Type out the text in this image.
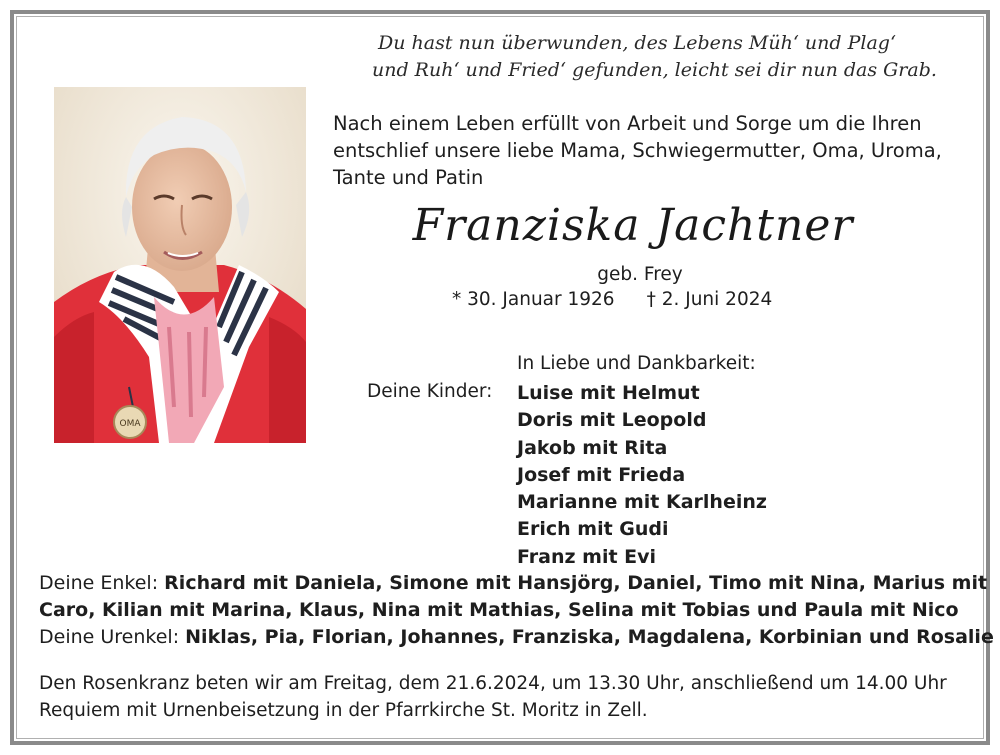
Du hast nun überwunden, des Lebens Müh‘ und Plag‘
und Ruh‘ und Fried‘ gefunden, leicht sei dir nun das Grab.
OMA
Nach einem Leben erfüllt von Arbeit und Sorge um die Ihren
entschlief unsere liebe Mama, Schwiegermutter, Oma, Uroma,
Tante und Patin
Franziska Jachtner
geb. Frey
* 30. Januar 1926 † 2. Juni 2024
In Liebe und Dankbarkeit:
Deine Kinder: Luise mit Helmut
Doris mit Leopold
Jakob mit Rita
Josef mit Frieda
Marianne mit Karlheinz
Erich mit Gudi
Franz mit Evi
Deine Enkel: Richard mit Daniela, Simone mit Hansjörg, Daniel, Timo mit Nina, Marius mit
Caro, Kilian mit Marina, Klaus, Nina mit Mathias, Selina mit Tobias und Paula mit Nico
Deine Urenkel: Niklas, Pia, Florian, Johannes, Franziska, Magdalena, Korbinian und Rosalie
Den Rosenkranz beten wir am Freitag, dem 21.6.2024, um 13.30 Uhr, anschließend um 14.00 Uhr
Requiem mit Urnenbeisetzung in der Pfarrkirche St. Moritz in Zell.
